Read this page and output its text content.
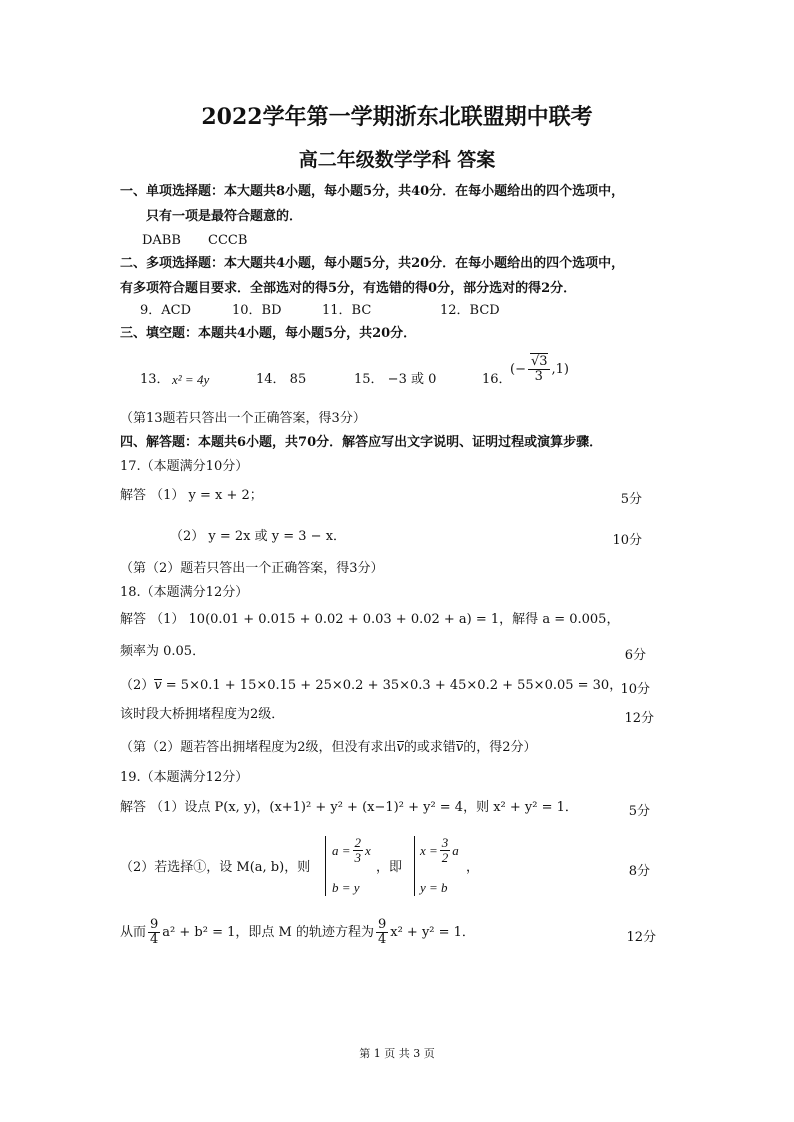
2022学年第一学期浙东北联盟期中联考
高二年级数学学科 答案
一、单项选择题：本大题共8小题，每小题5分，共40分．在每小题给出的四个选项中，
只有一项是最符合题意的．
DABB CCCB
二、多项选择题：本大题共4小题，每小题5分，共20分．在每小题给出的四个选项中，
有多项符合题目要求．全部选对的得5分，有选错的得0分，部分选对的得2分．
9．ACD	10．BD	11．BC	12．BCD
三、填空题：本题共4小题，每小题5分，共20分．
13． x² = 4y	14． 85	15． −3 或 0	16．
(− $\frac{√3}{3} ,1$)
（第13题若只答出一个正确答案，得3分）
四、解答题：本题共6小题，共70分．解答应写出文字说明、证明过程或演算步骤．
17.（本题满分10分）
解答 （1） y = x + 2；	5分
（2） y = 2x 或 y = 3 − x．	10分
（第（2）题若只答出一个正确答案，得3分）
18.（本题满分12分）
解答 （1） 10(0.01 + 0.015 + 0.02 + 0.03 + 0.02 + a) = 1，解得 a = 0.005，
频率为 0.05．	6分
（2）v = 5×0.1 + 15×0.15 + 25×0.2 + 35×0.3 + 45×0.2 + 55×0.05 = 30，
10分
该时段大桥拥堵程度为2级．	12分
（第（2）题若答出拥堵程度为2级，但没有求出v的或求错v的，得2分）
19.（本题满分12分）
解答 （1）设点 P(x, y)，(x+1)² + y² + (x−1)² + y² = 4，则 x² + y² = 1．	5分
（2）若选择①，设 M(a, b)，则
$a = \frac{2}{3}$ x
b = y
，即
$x = \frac{3}{2}$ a
y = b
，	8分
从而 $\frac{9}{4} a^2 + b^2 = 1$，即点 M 的轨迹方程为 $\frac{9}{4} x^2 + y^2 = 1$．	12分
第 1 页 共 3 页
